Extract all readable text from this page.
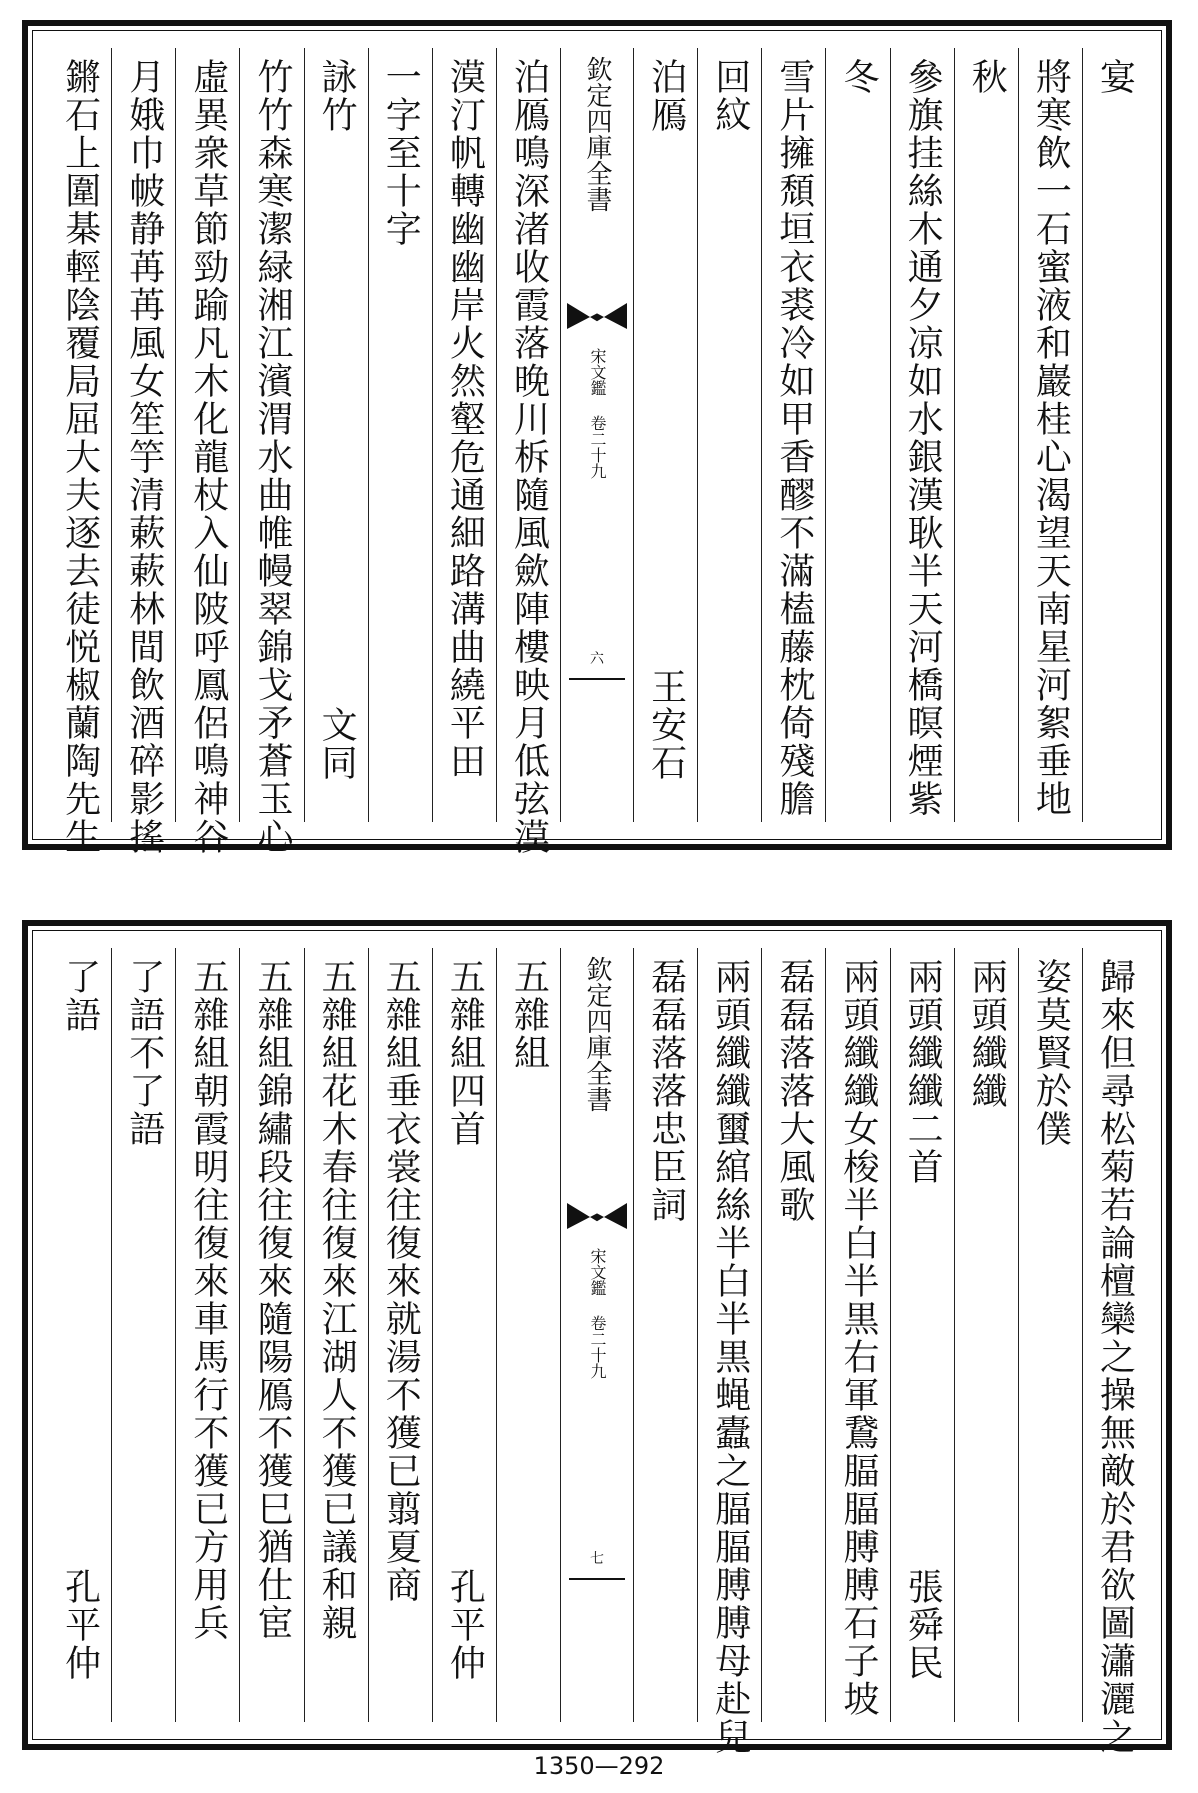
宴
將寒飲一石蜜液和巖桂心渴望天南星河絮垂地
秋
參旗挂絲木通夕凉如水銀漢耿半天河橋暝煙紫
冬
雪片擁頹垣衣裘冷如甲香醪不滿榼藤枕倚殘膽
回紋
泊鴈
王安石
欽定四庫全書
宋文鑑 卷二十九
六
泊鴈鳴深渚收霞落晚川柝隨風歛陣樓映月低弦漠
漠汀帆轉幽幽岸火然壑危通細路溝曲繞平田
一字至十字
詠竹
文同
竹竹森寒潔緑湘江濱渭水曲帷幔翠錦戈矛蒼玉心
虛異衆草節勁踰凡木化龍杖入仙陂呼鳳侶鳴神谷
月娥巾帔静苒苒風女笙竽清蔌蔌林間飲酒碎影搖
鏘石上圍棊輕陰覆局屈大夫逐去徒悦椒蘭陶先生
歸來但尋松菊若論檀欒之操無敵於君欲圖瀟灑之
姿莫賢於僕
兩頭纖纖
兩頭纖纖二首
張舜民
兩頭纖纖女梭半白半黒右軍鵞腷腷膊膊石子坡
磊磊落落大風歌
兩頭纖纖蠒綰絲半白半黒蝇蠹之腷腷膊膊母赴兒
磊磊落落忠臣詞
欽定四庫全書
宋文鑑 卷二十九
七
五雜組
五雜組四首
孔平仲
五雜組垂衣裳往復來就湯不獲已翦夏商
五雜組花木春往復來江湖人不獲已議和親
五雜組錦繡段往復來隨陽鴈不獲巳猶仕宦
五雜組朝霞明往復來車馬行不獲已方用兵
了語不了語
了語
孔平仲
1350—292
